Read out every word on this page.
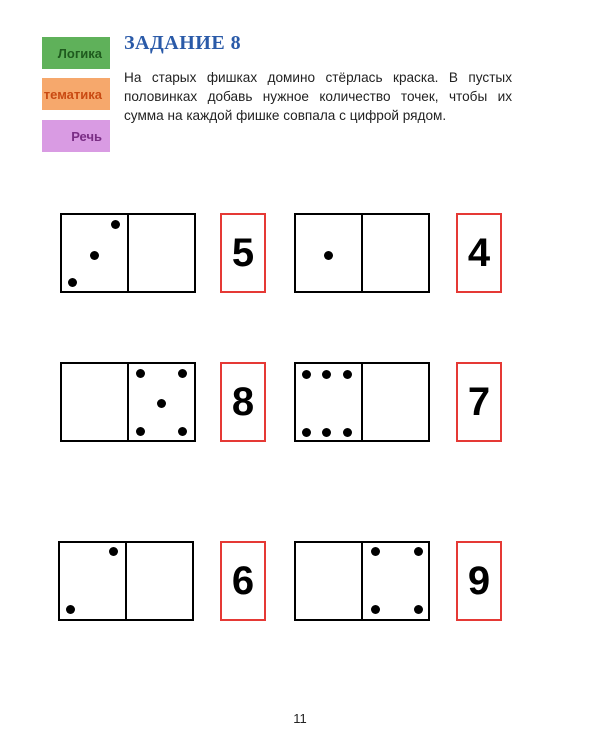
Логика
тематика
Речь
ЗАДАНИЕ 8

На старых фишках домино стёрлась краска. В пустых половинках добавь нужное количество точек, чтобы их сумма на каждой фишке совпала с цифрой рядом.

5	4
8	7
6	9
11
